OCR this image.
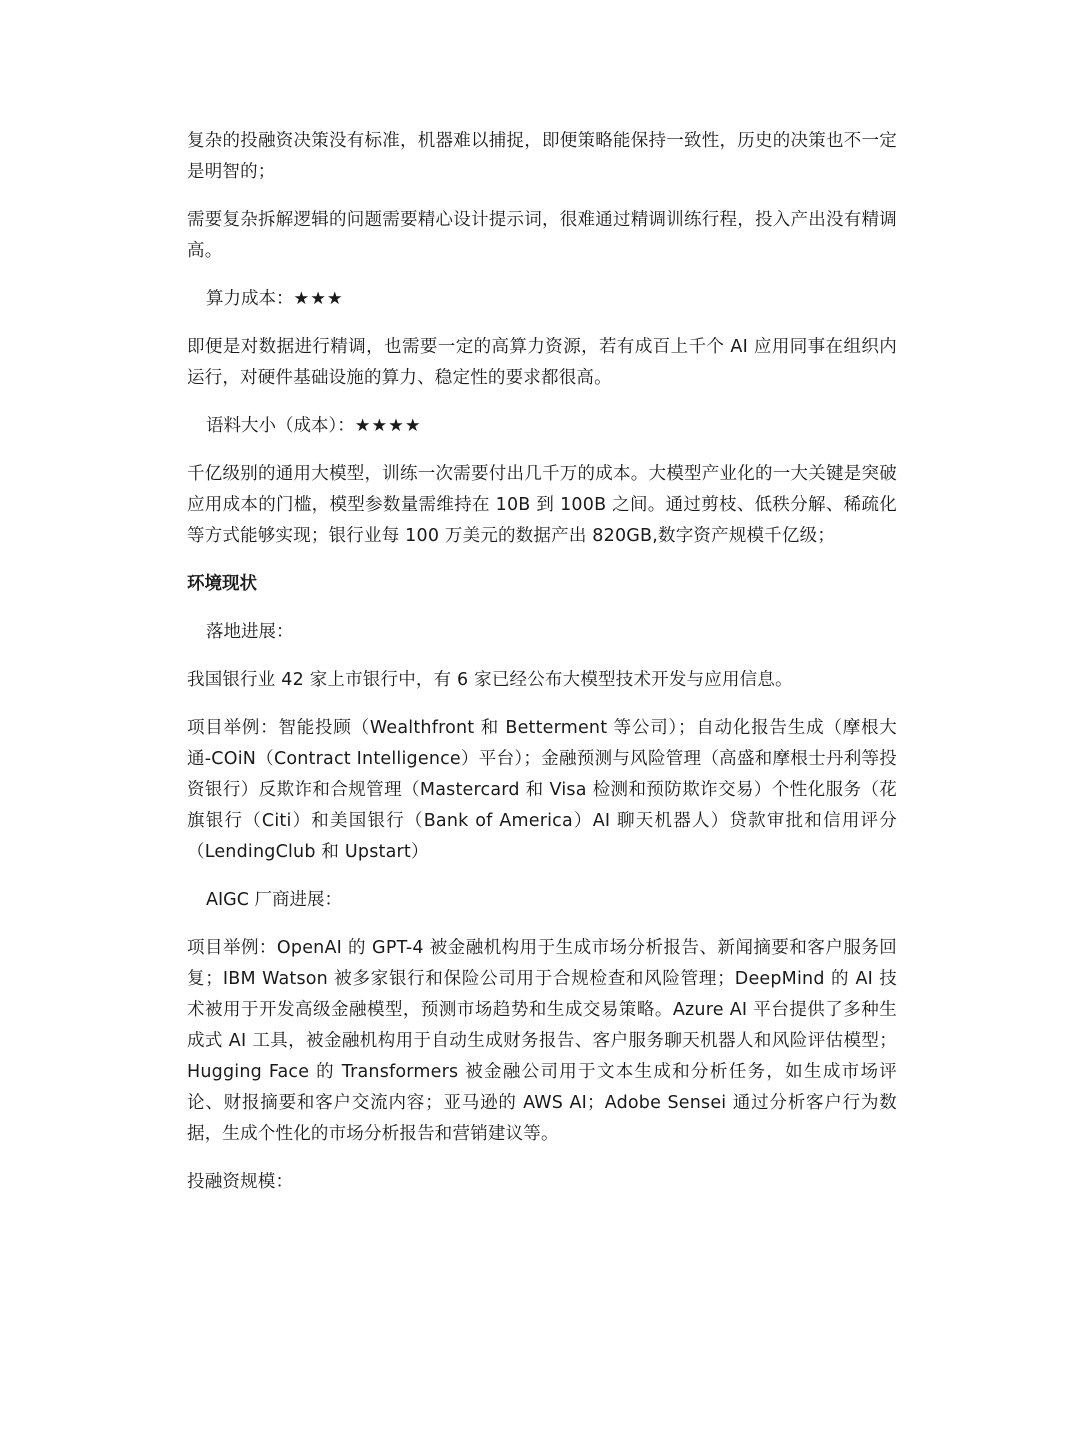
复杂的投融资决策没有标准，机器难以捕捉，即便策略能保持一致性，历史的决策也不一定是明智的；

需要复杂拆解逻辑的问题需要精心设计提示词，很难通过精调训练行程，投入产出没有精调高。

算力成本：★★★

即便是对数据进行精调，也需要一定的高算力资源，若有成百上千个 AI 应用同事在组织内运行，对硬件基础设施的算力、稳定性的要求都很高。

语料大小（成本）：★★★★

千亿级别的通用大模型，训练一次需要付出几千万的成本。大模型产业化的一大关键是突破应用成本的门槛，模型参数量需维持在 10B 到 100B 之间。通过剪枝、低秩分解、稀疏化等方式能够实现；银行业每 100 万美元的数据产出 820GB,数字资产规模千亿级；

环境现状

落地进展：

我国银行业 42 家上市银行中，有 6 家已经公布大模型技术开发与应用信息。

项目举例：智能投顾（Wealthfront 和 Betterment 等公司）；自动化报告生成（摩根大通-COiN（Contract Intelligence）平台）；金融预测与风险管理（高盛和摩根士丹利等投资银行）反欺诈和合规管理（Mastercard 和 Visa 检测和预防欺诈交易）个性化服务（花旗银行（Citi）和美国银行（Bank of America）AI 聊天机器人）贷款审批和信用评分（LendingClub 和 Upstart）

AIGC 厂商进展：

项目举例：OpenAI 的 GPT-4 被金融机构用于生成市场分析报告、新闻摘要和客户服务回复；IBM Watson 被多家银行和保险公司用于合规检查和风险管理；DeepMind 的 AI 技术被用于开发高级金融模型，预测市场趋势和生成交易策略。Azure AI 平台提供了多种生成式 AI 工具，被金融机构用于自动生成财务报告、客户服务聊天机器人和风险评估模型；Hugging Face 的 Transformers 被金融公司用于文本生成和分析任务，如生成市场评论、财报摘要和客户交流内容；亚马逊的 AWS AI；Adobe Sensei 通过分析客户行为数据，生成个性化的市场分析报告和营销建议等。

投融资规模：
